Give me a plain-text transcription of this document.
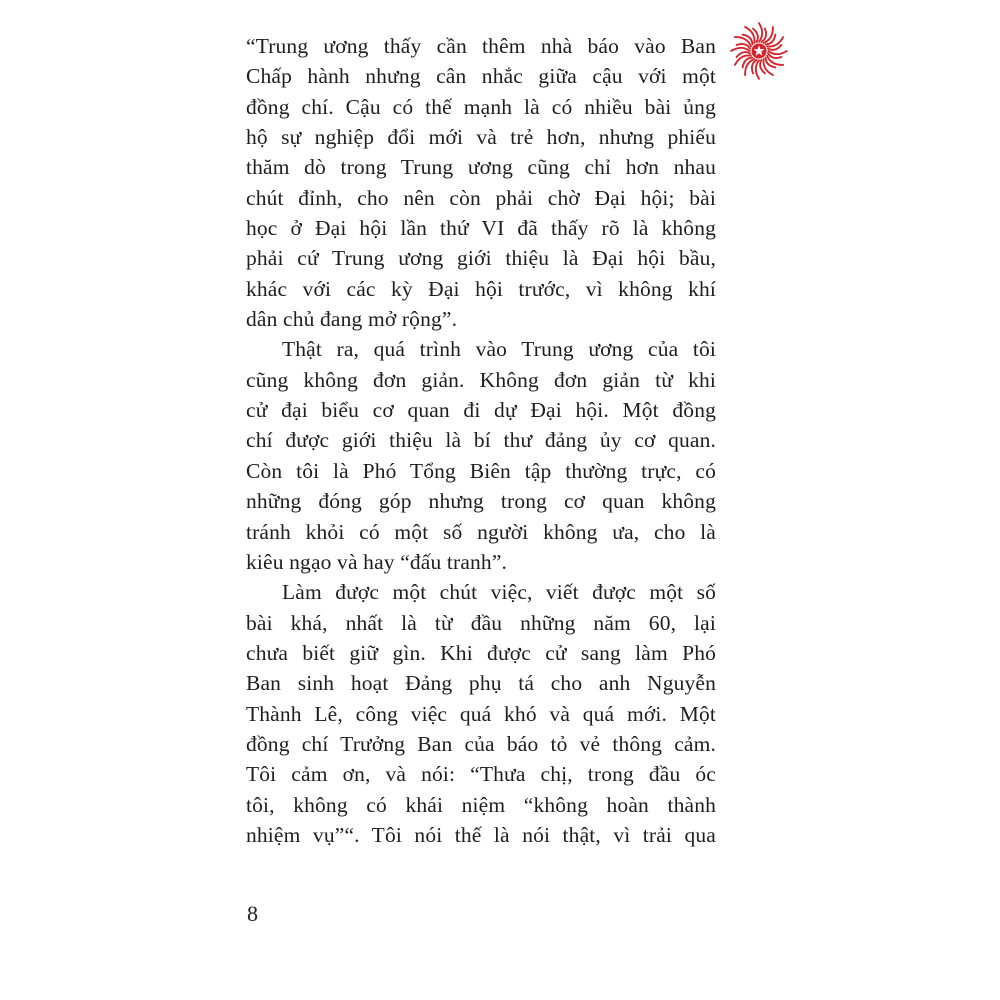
“Trung ương thấy cần thêm nhà báo vào Ban
Chấp hành nhưng cân nhắc giữa cậu với một
đồng chí. Cậu có thế mạnh là có nhiều bài ủng
hộ sự nghiệp đổi mới và trẻ hơn, nhưng phiếu
thăm dò trong Trung ương cũng chỉ hơn nhau
chút đỉnh, cho nên còn phải chờ Đại hội; bài
học ở Đại hội lần thứ VI đã thấy rõ là không
phải cứ Trung ương giới thiệu là Đại hội bầu,
khác với các kỳ Đại hội trước, vì không khí
dân chủ đang mở rộng”.
Thật ra, quá trình vào Trung ương của tôi
cũng không đơn giản. Không đơn giản từ khi
cử đại biểu cơ quan đi dự Đại hội. Một đồng
chí được giới thiệu là bí thư đảng ủy cơ quan.
Còn tôi là Phó Tổng Biên tập thường trực, có
những đóng góp nhưng trong cơ quan không
tránh khỏi có một số người không ưa, cho là
kiêu ngạo và hay “đấu tranh”.
Làm được một chút việc, viết được một số
bài khá, nhất là từ đầu những năm 60, lại
chưa biết giữ gìn. Khi được cử sang làm Phó
Ban sinh hoạt Đảng phụ tá cho anh Nguyễn
Thành Lê, công việc quá khó và quá mới. Một
đồng chí Trưởng Ban của báo tỏ vẻ thông cảm.
Tôi cảm ơn, và nói: “Thưa chị, trong đầu óc
tôi, không có khái niệm “không hoàn thành
nhiệm vụ”“. Tôi nói thế là nói thật, vì trải qua
8
